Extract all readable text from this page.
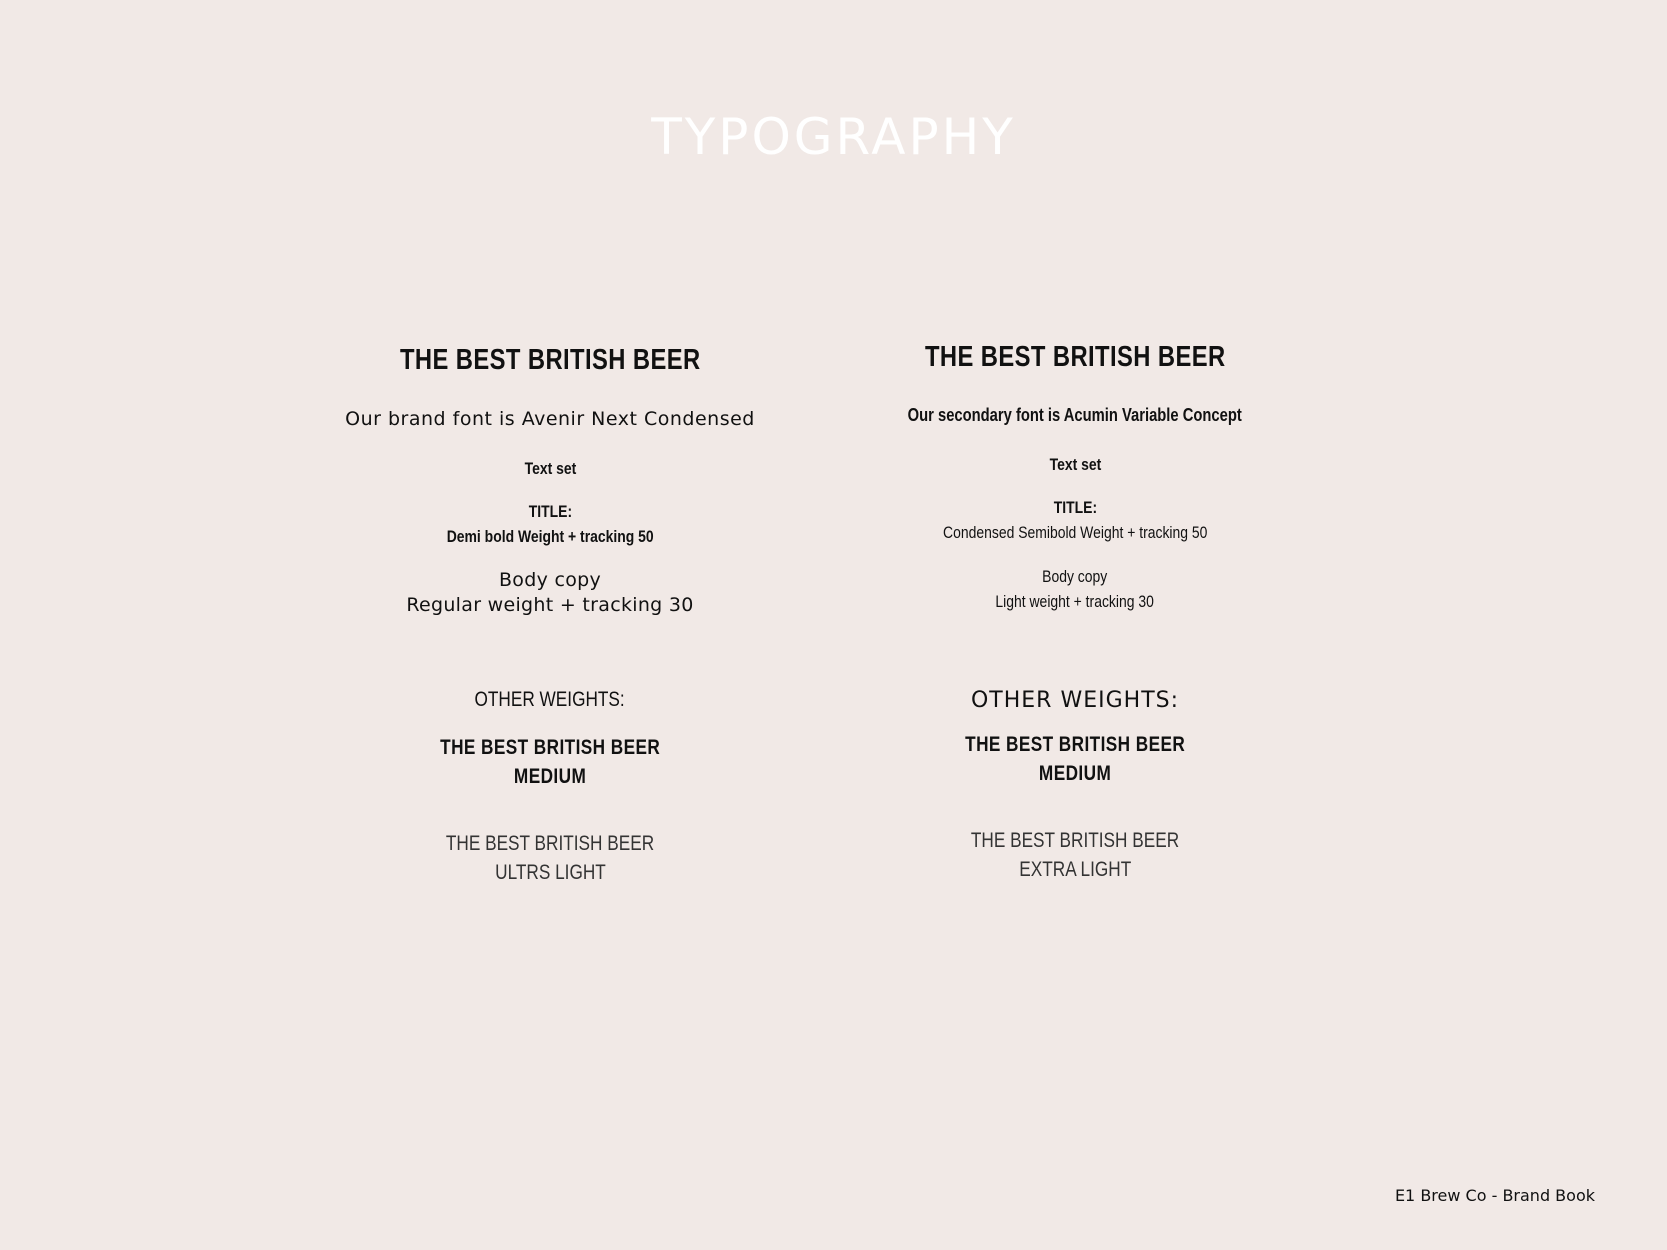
TYPOGRAPHY
THE BEST BRITISH BEER
Our brand font is Avenir Next Condensed
Text set
TITLE:
Demi bold Weight + tracking 50
Body copy
Regular weight + tracking 30
OTHER WEIGHTS:
THE BEST BRITISH BEER
MEDIUM
THE BEST BRITISH BEER
ULTRS LIGHT
THE BEST BRITISH BEER
Our secondary font is Acumin Variable Concept
Text set
TITLE:
Condensed Semibold Weight + tracking 50
Body copy
Light weight + tracking 30
OTHER WEIGHTS:
THE BEST BRITISH BEER
MEDIUM
THE BEST BRITISH BEER
EXTRA LIGHT
E1 Brew Co - Brand Book
